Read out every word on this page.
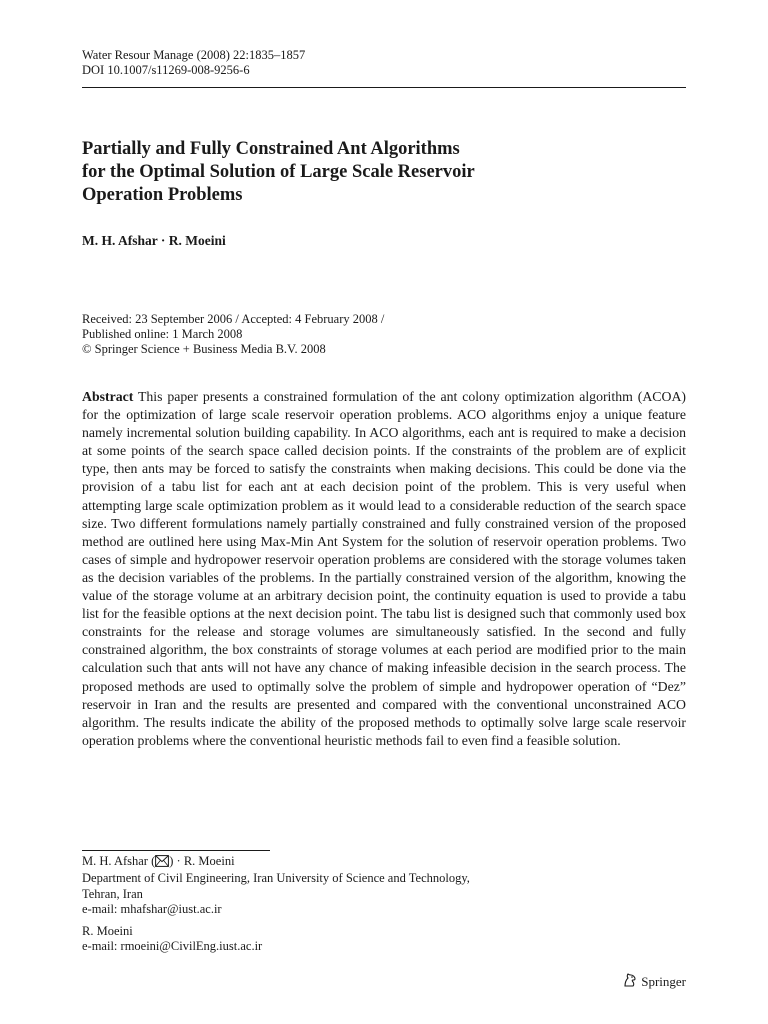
Water Resour Manage (2008) 22:1835–1857
DOI 10.1007/s11269-008-9256-6
Partially and Fully Constrained Ant Algorithms
for the Optimal Solution of Large Scale Reservoir
Operation Problems
M. H. Afshar · R. Moeini
Received: 23 September 2006 / Accepted: 4 February 2008 /
Published online: 1 March 2008
© Springer Science + Business Media B.V. 2008
Abstract This paper presents a constrained formulation of the ant colony optimization algorithm (ACOA) for the optimization of large scale reservoir operation problems. ACO algorithms enjoy a unique feature namely incremental solution building capability. In ACO algorithms, each ant is required to make a decision at some points of the search space called decision points. If the constraints of the problem are of explicit type, then ants may be forced to satisfy the constraints when making decisions. This could be done via the provision of a tabu list for each ant at each decision point of the problem. This is very useful when attempting large scale optimization problem as it would lead to a considerable reduction of the search space size. Two different formulations namely partially constrained and fully constrained version of the proposed method are outlined here using Max-Min Ant System for the solution of reservoir operation problems. Two cases of simple and hydropower reservoir operation problems are considered with the storage volumes taken as the decision variables of the problems. In the partially constrained version of the algorithm, knowing the value of the storage volume at an arbitrary decision point, the continuity equation is used to provide a tabu list for the feasible options at the next decision point. The tabu list is designed such that commonly used box constraints for the release and storage volumes are simultaneously satisfied. In the second and fully constrained algorithm, the box constraints of storage volumes at each period are modified prior to the main calculation such that ants will not have any chance of making infeasible decision in the search process. The proposed methods are used to optimally solve the problem of simple and hydropower operation of “Dez” reservoir in Iran and the results are presented and compared with the conventional unconstrained ACO algorithm. The results indicate the ability of the proposed methods to optimally solve large scale reservoir operation problems where the conventional heuristic methods fail to even find a feasible solution.
M. H. Afshar ( ) · R. Moeini
Department of Civil Engineering, Iran University of Science and Technology,
Tehran, Iran
e-mail: mhafshar@iust.ac.ir
R. Moeini
e-mail: rmoeini@CivilEng.iust.ac.ir
Springer
